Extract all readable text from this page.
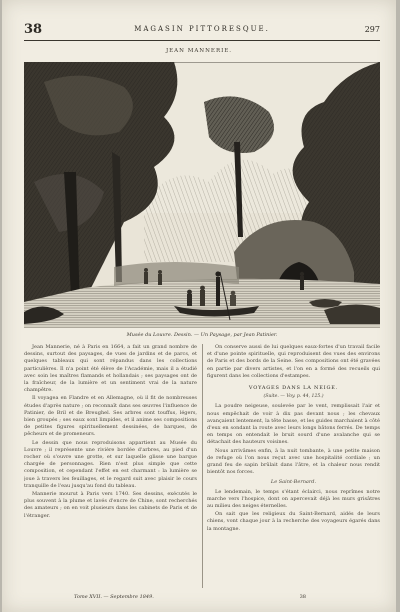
38	MAGASIN PITTORESQUE.	297
JEAN MANNERIE.
Musée du Louvre. Dessin. — Un Paysage, par Jean Patinier.

Jean Mannerie, né à Paris en 1664, a fait un grand nombre de dessins, surtout des paysages, de vues de jardins et de parcs, et quelques tableaux qui sont répandus dans les collections particulières. Il n'a point été élève de l'Académie, mais il a étudié avec soin les maîtres flamands et hollandais ; ses paysages ont de la fraîcheur, de la lumière et un sentiment vrai de la nature champêtre.

Il voyagea en Flandre et en Allemagne, où il fit de nombreuses études d'après nature ; on reconnaît dans ses œuvres l'influence de Patinier, de Bril et de Breughel. Ses arbres sont touffus, légers, bien groupés ; ses eaux sont limpides, et il anime ses compositions de petites figures spirituellement dessinées, de barques, de pêcheurs et de promeneurs.

Le dessin que nous reproduisons appartient au Musée du Louvre ; il représente une rivière bordée d'arbres, au pied d'un rocher où s'ouvre une grotte, et sur laquelle glisse une barque chargée de personnages. Rien n'est plus simple que cette composition, et cependant l'effet en est charmant : la lumière se joue à travers les feuillages, et le regard suit avec plaisir le cours tranquille de l'eau jusqu'au fond du tableau.

Mannerie mourut à Paris vers 1740. Ses dessins, exécutés le plus souvent à la plume et lavés d'encre de Chine, sont recherchés des amateurs ; on en voit plusieurs dans les cabinets de Paris et de l'étranger.

On conserve aussi de lui quelques eaux-fortes d'un travail facile et d'une pointe spirituelle, qui reproduisent des vues des environs de Paris et des bords de la Seine. Ses compositions ont été gravées en partie par divers artistes, et l'on en a formé des recueils qui figurent dans les collections d'estampes.

VOYAGES DANS LA NEIGE.
(Suite. — Voy. p. 44, 125.)

La poudre neigeuse, soulevée par le vent, remplissait l'air et nous empêchait de voir à dix pas devant nous ; les chevaux avançaient lentement, la tête basse, et les guides marchaient à côté d'eux en sondant la route avec leurs longs bâtons ferrés. De temps en temps on entendait le bruit sourd d'une avalanche qui se détachait des hauteurs voisines.

Nous arrivâmes enfin, à la nuit tombante, à une petite maison de refuge où l'on nous reçut avec une hospitalité cordiale ; un grand feu de sapin brûlait dans l'âtre, et la chaleur nous rendit bientôt nos forces.

Le Saint-Bernard.

Le lendemain, le temps s'étant éclairci, nous reprîmes notre marche vers l'hospice, dont on apercevait déjà les murs grisâtres au milieu des neiges éternelles.

On sait que les religieux du Saint-Bernard, aidés de leurs chiens, vont chaque jour à la recherche des voyageurs égarés dans la montagne.

Tome XVII. — Septembre 1849.	38
